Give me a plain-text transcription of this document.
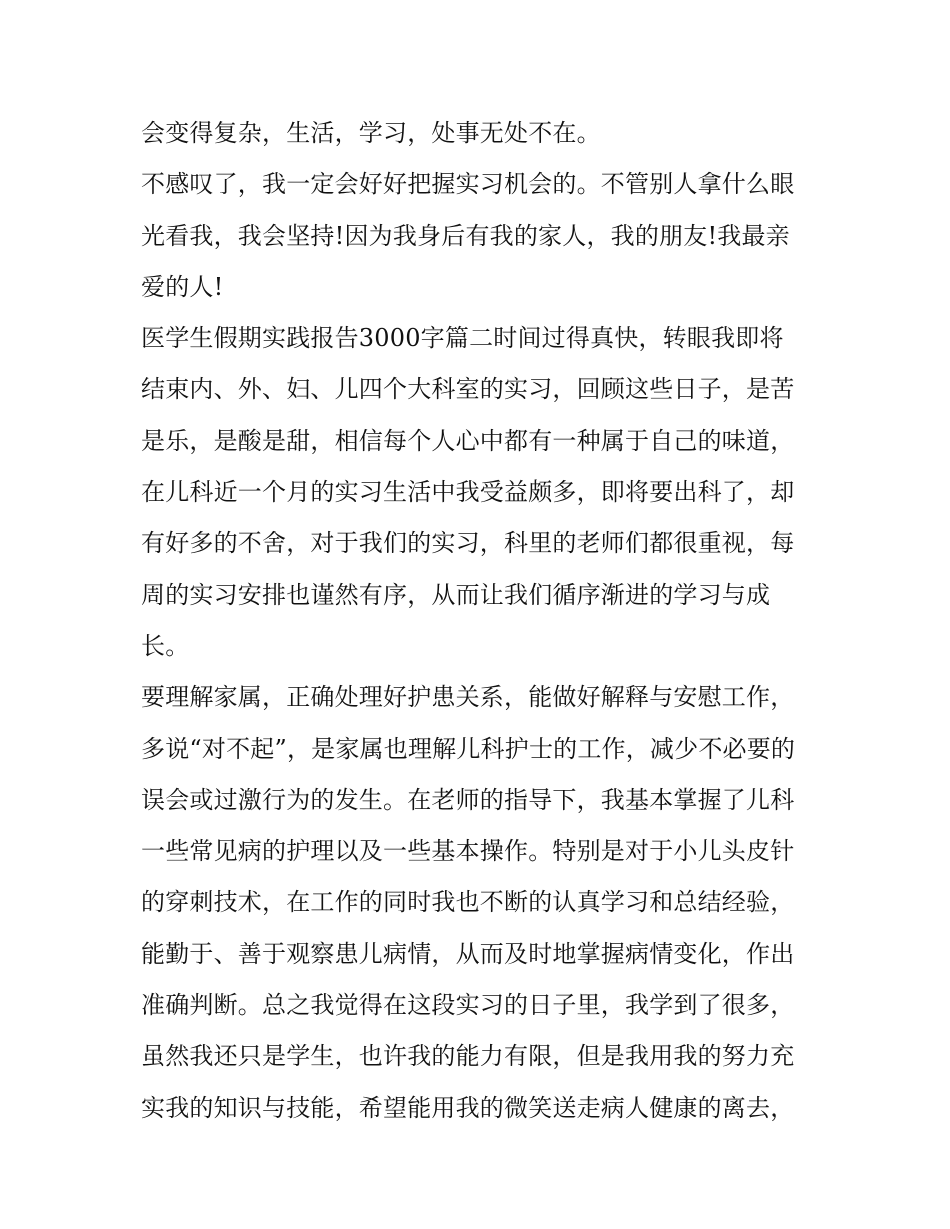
会变得复杂，生活，学习，处事无处不在。
不感叹了，我一定会好好把握实习机会的。不管别人拿什么眼
光看我，我会坚持!因为我身后有我的家人，我的朋友!我最亲
爱的人!
医学生假期实践报告3000字篇二时间过得真快，转眼我即将
结束内、外、妇、儿四个大科室的实习，回顾这些日子，是苦
是乐，是酸是甜，相信每个人心中都有一种属于自己的味道，
在儿科近一个月的实习生活中我受益颇多，即将要出科了，却
有好多的不舍，对于我们的实习，科里的老师们都很重视，每
周的实习安排也谨然有序，从而让我们循序渐进的学习与成
长。
要理解家属，正确处理好护患关系，能做好解释与安慰工作，
多说“对不起”，是家属也理解儿科护士的工作，减少不必要的
误会或过激行为的发生。在老师的指导下，我基本掌握了儿科
一些常见病的护理以及一些基本操作。特别是对于小儿头皮针
的穿刺技术，在工作的同时我也不断的认真学习和总结经验，
能勤于、善于观察患儿病情，从而及时地掌握病情变化，作出
准确判断。总之我觉得在这段实习的日子里，我学到了很多，
虽然我还只是学生，也许我的能力有限，但是我用我的努力充
实我的知识与技能，希望能用我的微笑送走病人健康的离去，
